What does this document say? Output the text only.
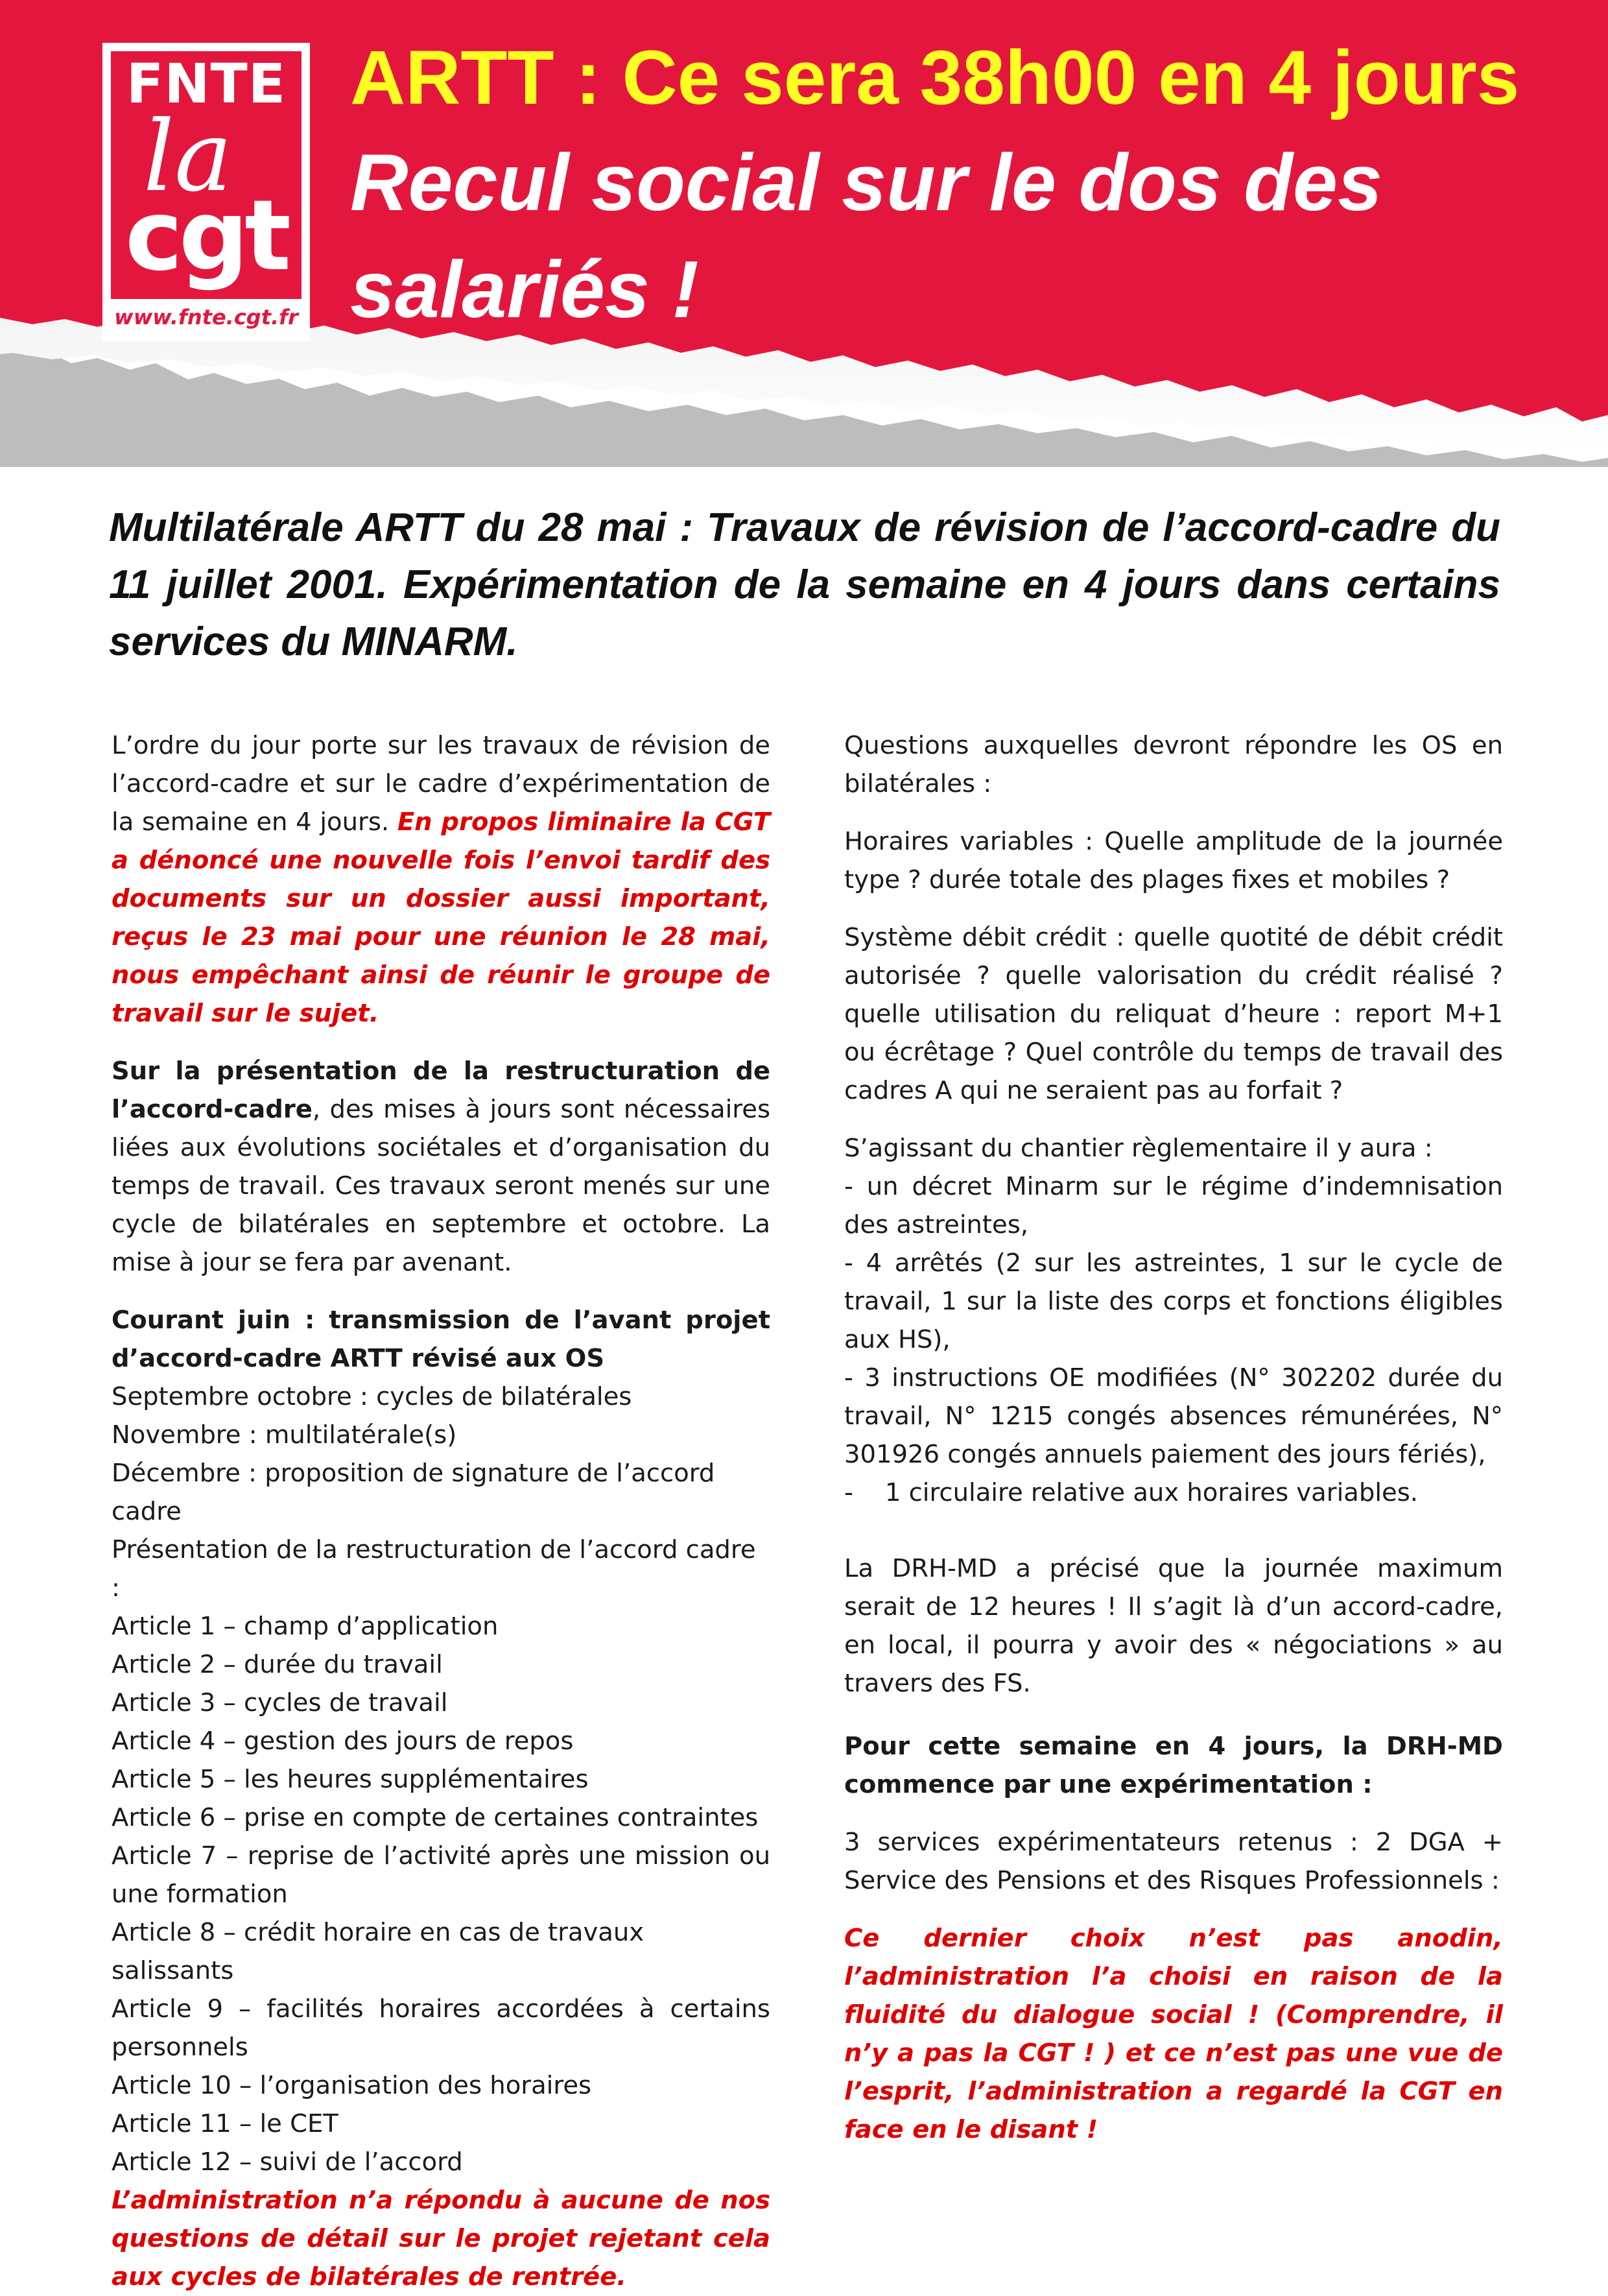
FNTE
la
cgt
www.fnte.cgt.fr
ARTT : Ce sera 38h00 en 4 jours
Recul social sur le dos des salariés !

Multilatérale ARTT du 28 mai : Travaux de révision de l’accord-cadre du 11 juillet 2001. Expérimentation de la semaine en 4 jours dans certains services du MINARM.

L’ordre du jour porte sur les travaux de révision de l’accord-cadre et sur le cadre d’expérimentation de la semaine en 4 jours. En propos liminaire la CGT a dénoncé une nouvelle fois l’envoi tardif des documents sur un dossier aussi important, reçus le 23 mai pour une réunion le 28 mai, nous empêchant ainsi de réunir le groupe de travail sur le sujet.

Sur la présentation de la restructuration de l’accord-cadre, des mises à jours sont nécessaires liées aux évolutions sociétales et d’organisation du temps de travail. Ces travaux seront menés sur une cycle de bilatérales en septembre et octobre. La mise à jour se fera par avenant.

Courant juin : transmission de l’avant projet d’accord-cadre ARTT révisé aux OS
Septembre octobre : cycles de bilatérales
Novembre : multilatérale(s)
Décembre : proposition de signature de l’accord cadre
Présentation de la restructuration de l’accord cadre :
Article 1 – champ d’application
Article 2 – durée du travail
Article 3 – cycles de travail
Article 4 – gestion des jours de repos
Article 5 – les heures supplémentaires
Article 6 – prise en compte de certaines contraintes
Article 7 – reprise de l’activité après une mission ou une formation
Article 8 – crédit horaire en cas de travaux salissants
Article 9 – facilités horaires accordées à certains personnels
Article 10 – l’organisation des horaires
Article 11 – le CET
Article 12 – suivi de l’accord
L’administration n’a répondu à aucune de nos questions de détail sur le projet rejetant cela aux cycles de bilatérales de rentrée.

Questions auxquelles devront répondre les OS en bilatérales :

Horaires variables : Quelle amplitude de la journée type ? durée totale des plages fixes et mobiles ?

Système débit crédit : quelle quotité de débit crédit autorisée ? quelle valorisation du crédit réalisé ? quelle utilisation du reliquat d’heure : report M+1 ou écrêtage ? Quel contrôle du temps de travail des cadres A qui ne seraient pas au forfait ?

S’agissant du chantier règlementaire il y aura :
- un décret Minarm sur le régime d’indemnisation des astreintes,
- 4 arrêtés (2 sur les astreintes, 1 sur le cycle de travail, 1 sur la liste des corps et fonctions éligibles aux HS),
- 3 instructions OE modifiées (N° 302202 durée du travail, N° 1215 congés absences rémunérées, N° 301926 congés annuels paiement des jours fériés),
-    1 circulaire relative aux horaires variables.

La DRH-MD a précisé que la journée maximum serait de 12 heures ! Il s’agit là d’un accord-cadre, en local, il pourra y avoir des « négociations » au travers des FS.

Pour cette semaine en 4 jours, la DRH-MD commence par une expérimentation :

3 services expérimentateurs retenus : 2 DGA + Service des Pensions et des Risques Professionnels :

Ce dernier choix n’est pas anodin, l’administration l’a choisi en raison de la fluidité du dialogue social ! (Comprendre, il n’y a pas la CGT ! ) et ce n’est pas une vue de l’esprit, l’administration a regardé la CGT en face en le disant !
